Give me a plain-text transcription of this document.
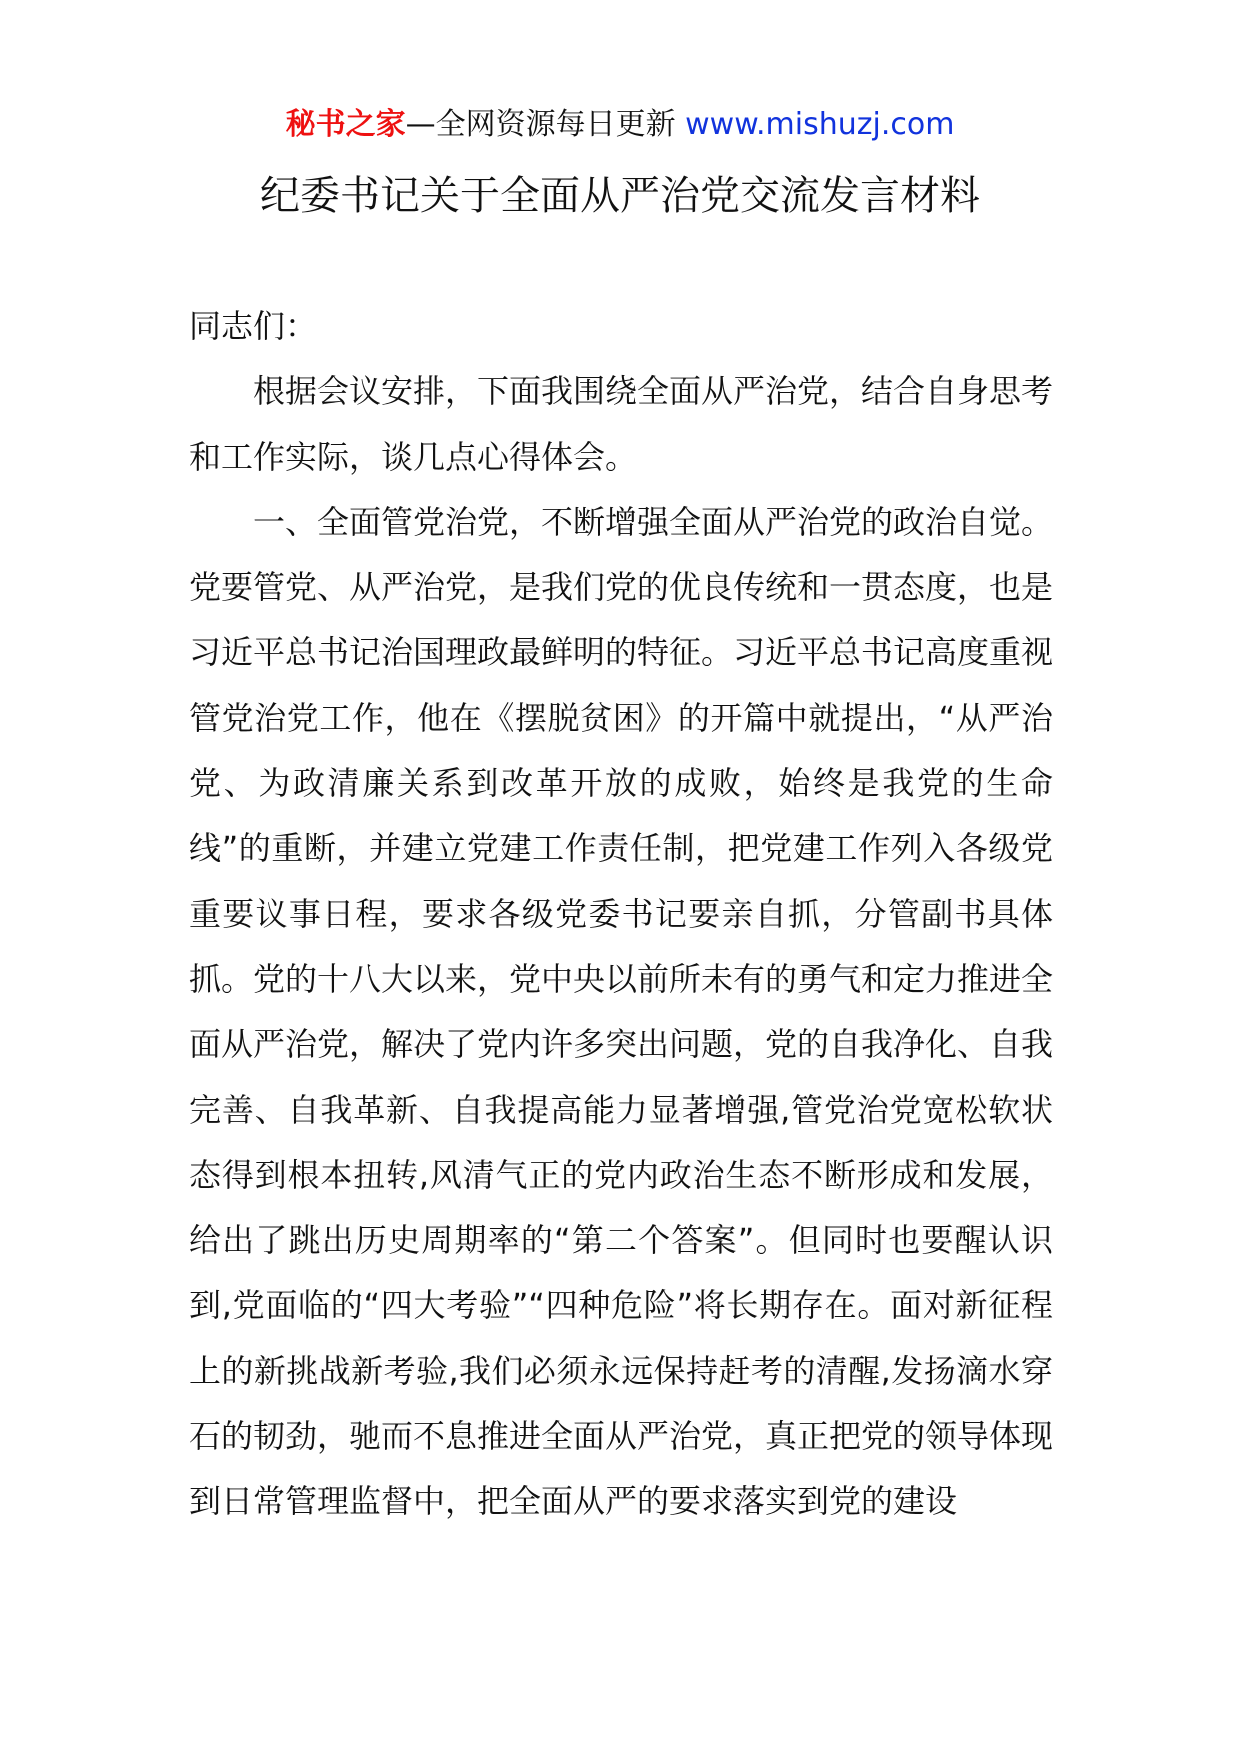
秘书之家—全网资源每日更新 www.mishuzj.com
纪委书记关于全面从严治党交流发言材料

同志们：

根据会议安排，下面我围绕全面从严治党，结合自身思考和工作实际，谈几点心得体会。

一、全面管党治党，不断增强全面从严治党的政治自觉。党要管党、从严治党，是我们党的优良传统和一贯态度，也是习近平总书记治国理政最鲜明的特征。习近平总书记高度重视管党治党工作，他在《摆脱贫困》的开篇中就提出，“从严治党、为政清廉关系到改革开放的成败，始终是我党的生命线”的重断，并建立党建工作责任制，把党建工作列入各级党重要议事日程，要求各级党委书记要亲自抓，分管副书具体抓。党的十八大以来，党中央以前所未有的勇气和定力推进全面从严治党，解决了党内许多突出问题，党的自我净化、自我完善、自我革新、自我提高能力显著增强,管党治党宽松软状态得到根本扭转,风清气正的党内政治生态不断形成和发展，给出了跳出历史周期率的“第二个答案”。但同时也要醒认识到,党面临的“四大考验”“四种危险”将长期存在。面对新征程上的新挑战新考验,我们必须永远保持赶考的清醒,发扬滴水穿石的韧劲，驰而不息推进全面从严治党，真正把党的领导体现到日常管理监督中，把全面从严的要求落实到党的建设
